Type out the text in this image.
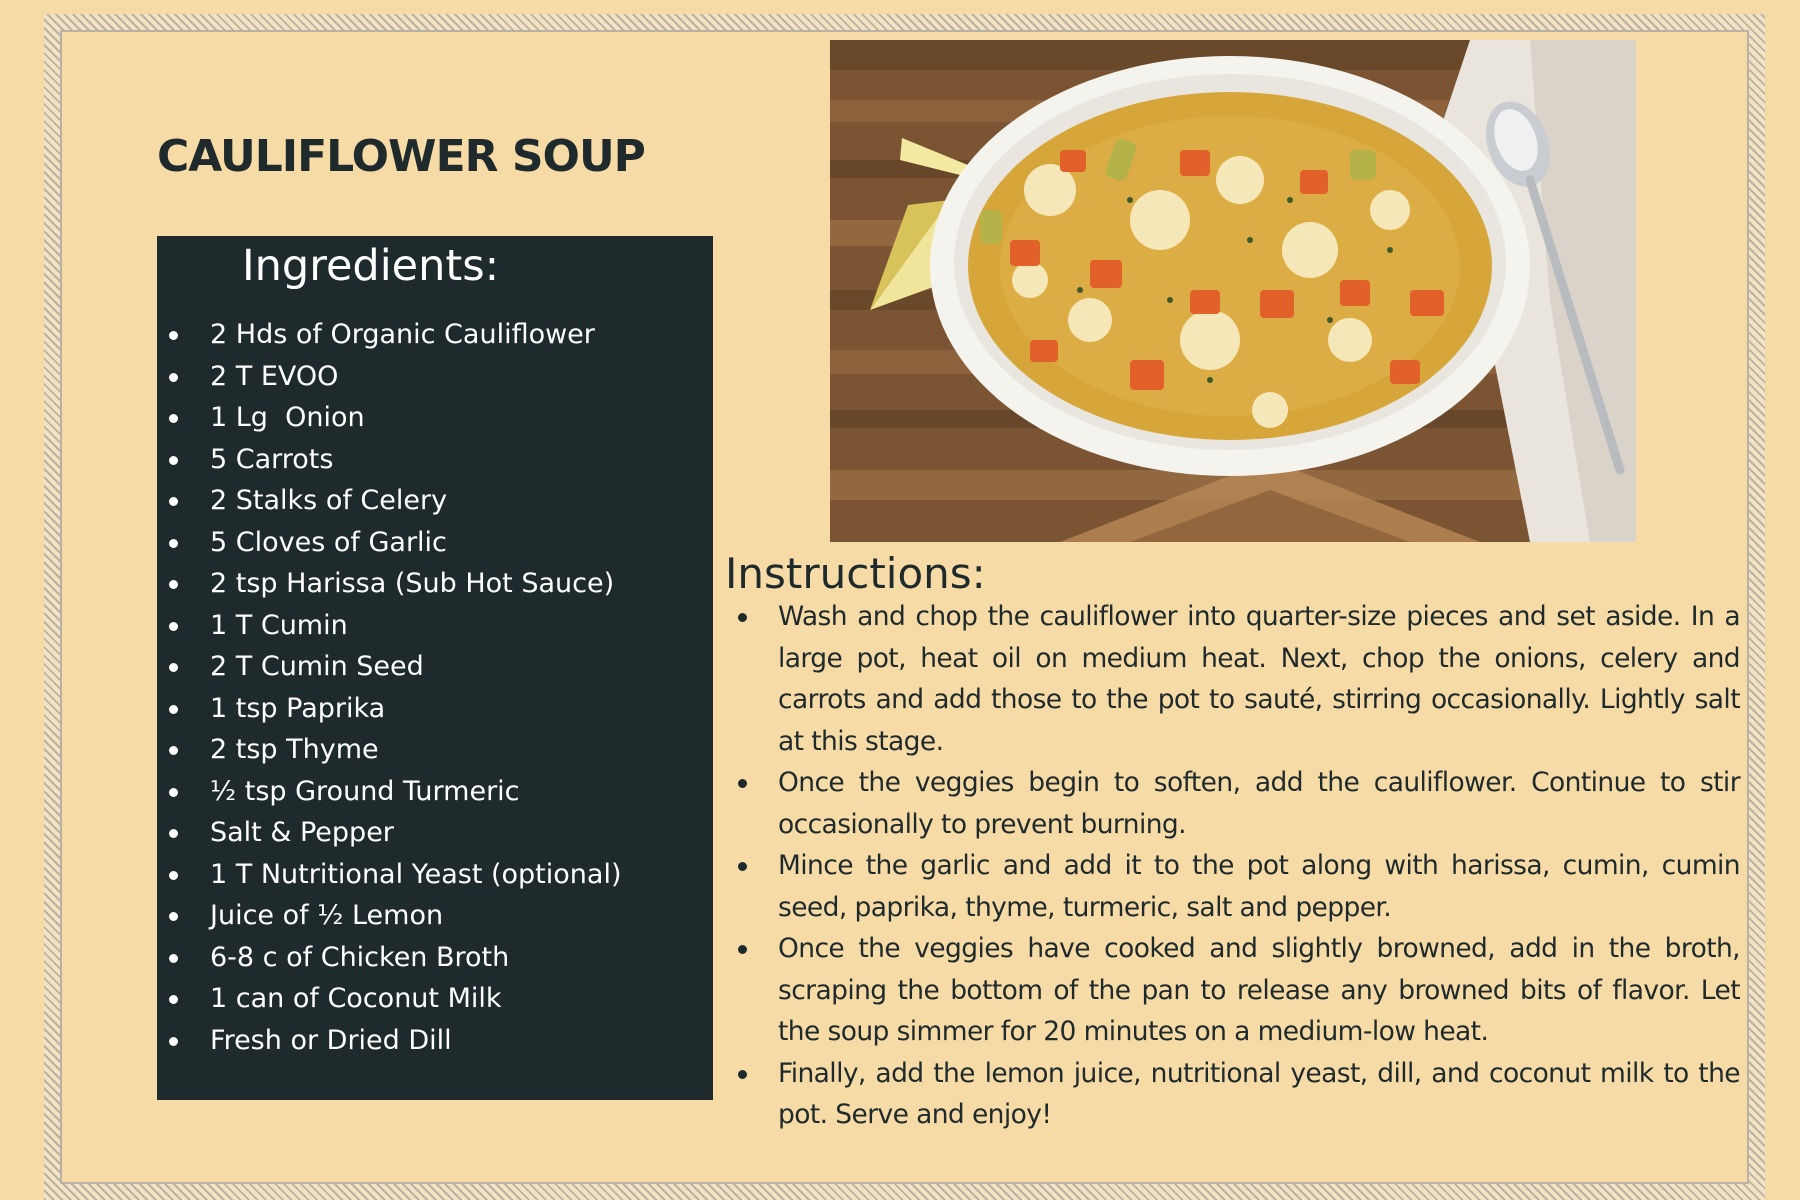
CAULIFLOWER SOUP
Ingredients:
2 Hds of Organic Cauliflower
2 T EVOO
1 Lg  Onion
5 Carrots
2 Stalks of Celery
5 Cloves of Garlic
2 tsp Harissa (Sub Hot Sauce)
1 T Cumin
2 T Cumin Seed
1 tsp Paprika
2 tsp Thyme
½ tsp Ground Turmeric
Salt & Pepper
1 T Nutritional Yeast (optional)
Juice of ½ Lemon
6-8 c of Chicken Broth
1 can of Coconut Milk
Fresh or Dried Dill
Instructions:
Wash and chop the cauliflower into quarter-size pieces and set aside. In a large pot, heat oil on medium heat. Next, chop the onions, celery and carrots and add those to the pot to sauté, stirring occasionally. Lightly salt at this stage.
Once the veggies begin to soften, add the cauliflower. Continue to stir occasionally to prevent burning.
Mince the garlic and add it to the pot along with harissa, cumin, cumin seed, paprika, thyme, turmeric, salt and pepper.
Once the veggies have cooked and slightly browned, add in the broth, scraping the bottom of the pan to release any browned bits of flavor. Let the soup simmer for 20 minutes on a medium-low heat.
Finally, add the lemon juice, nutritional yeast, dill, and coconut milk to the pot. Serve and enjoy!
